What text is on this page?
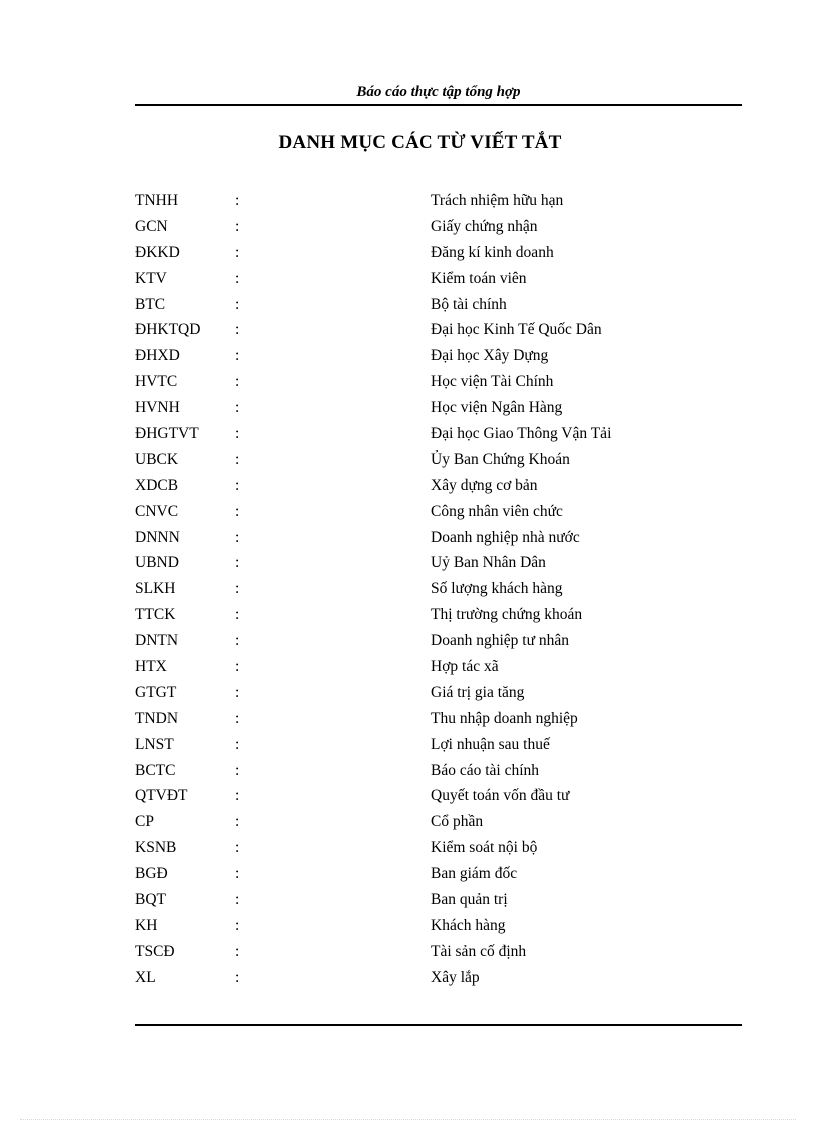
Báo cáo thực tập tổng hợp
DANH MỤC CÁC TỪ VIẾT TẮT
TNHH	:	Trách nhiệm hữu hạn
GCN	:	Giấy chứng nhận
ĐKKD	:	Đăng kí kinh doanh
KTV	:	Kiểm toán viên
BTC	:	Bộ tài chính
ĐHKTQD :	Đại học Kinh Tế Quốc Dân
ĐHXD	:	Đại học Xây Dựng
HVTC	:	Học viện Tài Chính
HVNH	:	Học viện Ngân Hàng
ĐHGTVT :	Đại học Giao Thông Vận Tải
UBCK	:	Ủy Ban Chứng Khoán
XDCB	:	Xây dựng cơ bản
CNVC	:	Công nhân viên chức
DNNN	:	Doanh nghiệp nhà nước
UBND	:	Uỷ Ban Nhân Dân
SLKH	:	Số lượng khách hàng
TTCK	:	Thị trường chứng khoán
DNTN	:	Doanh nghiệp tư nhân
HTX	:	Hợp tác xã
GTGT	:	Giá trị gia tăng
TNDN	:	Thu nhập doanh nghiệp
LNST	:	Lợi nhuận sau thuế
BCTC	:	Báo cáo tài chính
QTVĐT	:	Quyết toán vốn đầu tư
CP	:	Cổ phần
KSNB	:	Kiểm soát nội bộ
BGĐ	:	Ban giám đốc
BQT	:	Ban quản trị
KH	:	Khách hàng
TSCĐ	:	Tài sản cố định
XL	:	Xây lắp
